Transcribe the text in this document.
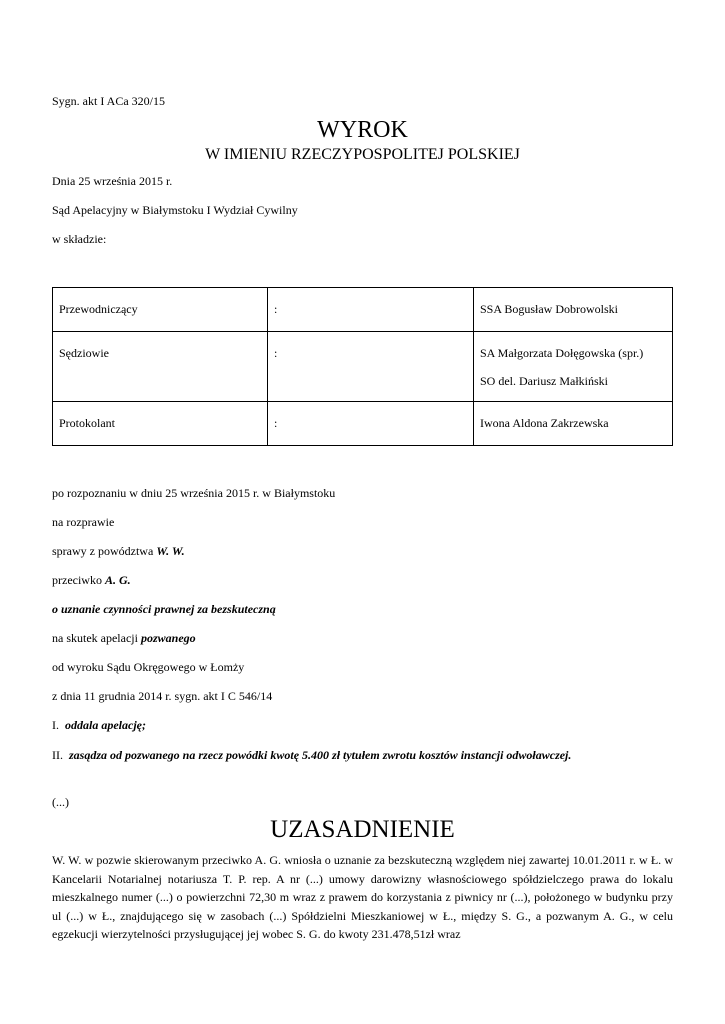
Sygn. akt I ACa 320/15
WYROK
W IMIENIU RZECZYPOSPOLITEJ POLSKIEJ
Dnia 25 września 2015 r.
Sąd Apelacyjny w Białymstoku I Wydział Cywilny
w składzie:
Przewodniczący	:	SSA Bogusław Dobrowolski

Sędziowie	:	SA Małgorzata Dołęgowska (spr.)
SO del. Dariusz Małkiński

Protokolant	:	Iwona Aldona Zakrzewska
po rozpoznaniu w dniu 25 września 2015 r. w Białymstoku
na rozprawie
sprawy z powództwa W. W.
przeciwko A. G.
o uznanie czynności prawnej za bezskuteczną
na skutek apelacji pozwanego
od wyroku Sądu Okręgowego w Łomży
z dnia 11 grudnia 2014 r. sygn. akt I C 546/14
I. oddala apelację;
II. zasądza od pozwanego na rzecz powódki kwotę 5.400 zł tytułem zwrotu kosztów instancji odwoławczej.
(...)
UZASADNIENIE
W. W. w pozwie skierowanym przeciwko A. G. wniosła o uznanie za bezskuteczną względem niej zawartej 10.01.2011 r. w Ł. w Kancelarii Notarialnej notariusza T. P. rep. A nr (...) umowy darowizny własnościowego spółdzielczego prawa do lokalu mieszkalnego numer (...) o powierzchni 72,30 m wraz z prawem do korzystania z piwnicy nr (...), położonego w budynku przy ul (...) w Ł., znajdującego się w zasobach (...) Spółdzielni Mieszkaniowej w Ł., między S. G., a pozwanym A. G., w celu egzekucji wierzytelności przysługującej jej wobec S. G. do kwoty 231.478,51zł wraz
